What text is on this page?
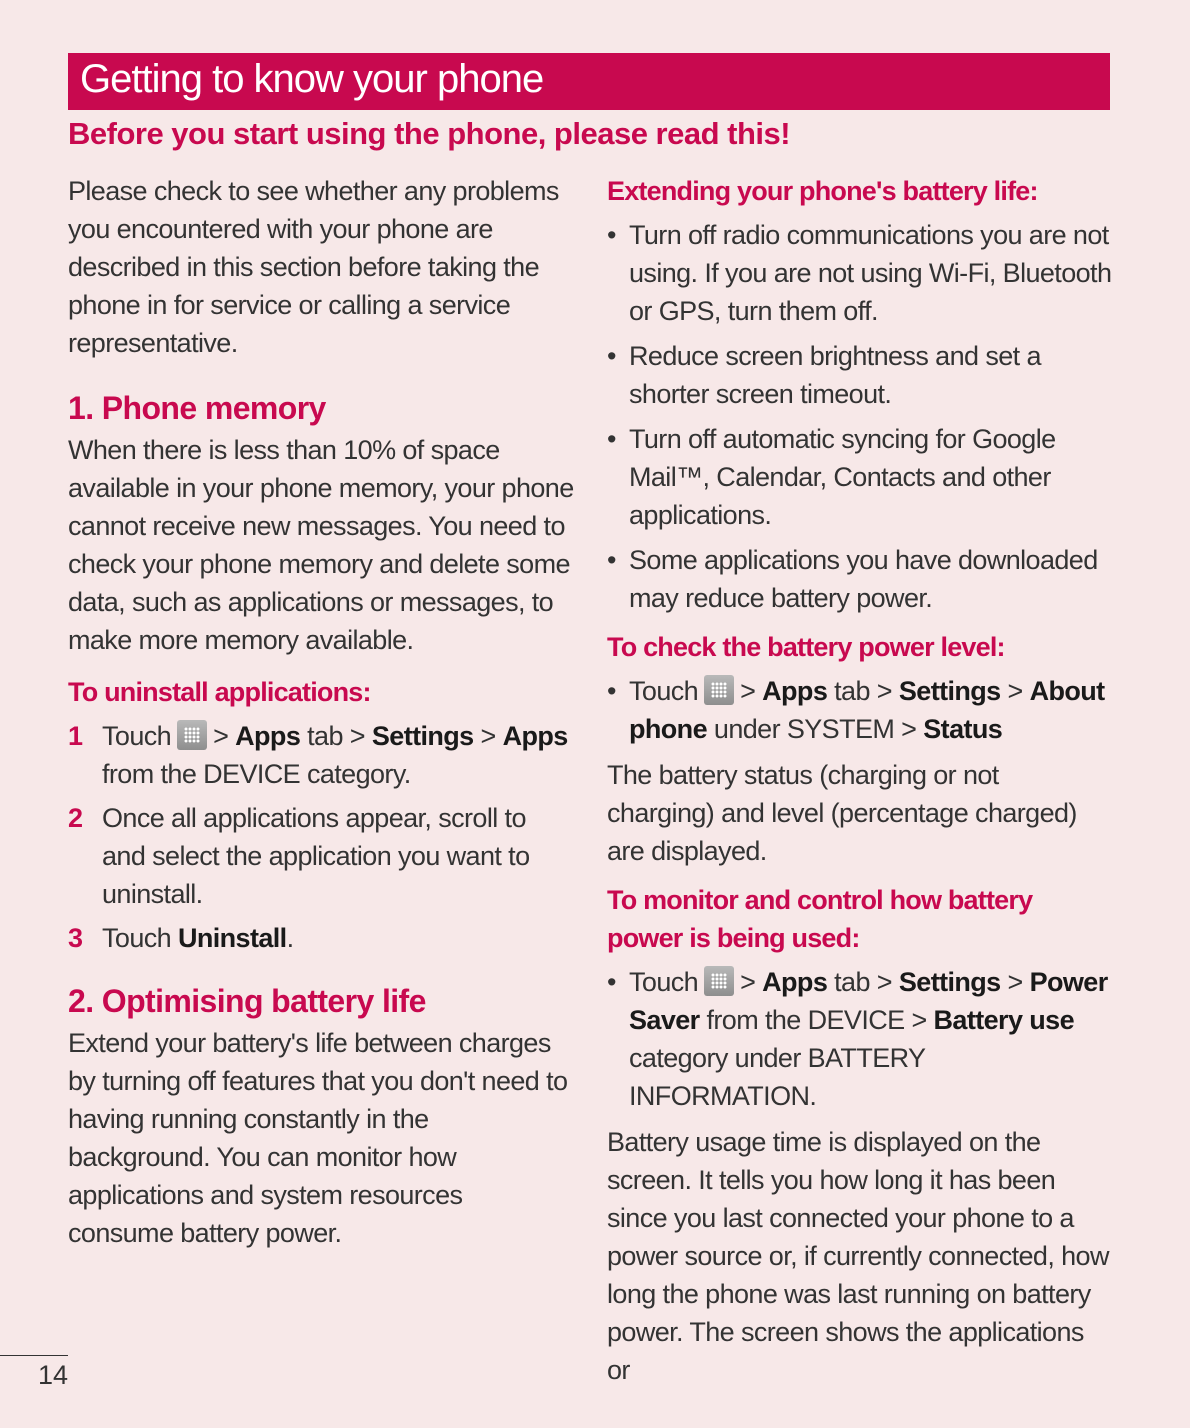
Getting to know your phone
Before you start using the phone, please read this!

Please check to see whether any problems you encountered with your phone are described in this section before taking the phone in for service or calling a service representative.

1. Phone memory

When there is less than 10% of space available in your phone memory, your phone cannot receive new messages. You need to check your phone memory and delete some data, such as applications or messages, to make more memory available.

To uninstall applications:
1 Touch > Apps tab > Settings > Apps from the DEVICE category.
2 Once all applications appear, scroll to and select the application you want to uninstall.
3 Touch Uninstall.
2. Optimising battery life

Extend your battery's life between charges by turning off features that you don't need to having running constantly in the background. You can monitor how applications and system resources consume battery power.

Extending your phone's battery life:
• Turn off radio communications you are not using. If you are not using Wi-Fi, Bluetooth or GPS, turn them off.
• Reduce screen brightness and set a shorter screen timeout.
• Turn off automatic syncing for Google Mail™, Calendar, Contacts and other applications.
• Some applications you have downloaded may reduce battery power.
To check the battery power level:
• Touch > Apps tab > Settings > About phone under SYSTEM > Status

The battery status (charging or not charging) and level (percentage charged) are displayed.

To monitor and control how battery power is being used:
• Touch > Apps tab > Settings > Power Saver from the DEVICE > Battery use category under BATTERY INFORMATION.

Battery usage time is displayed on the screen. It tells you how long it has been since you last connected your phone to a power source or, if currently connected, how long the phone was last running on battery power. The screen shows the applications or

14
